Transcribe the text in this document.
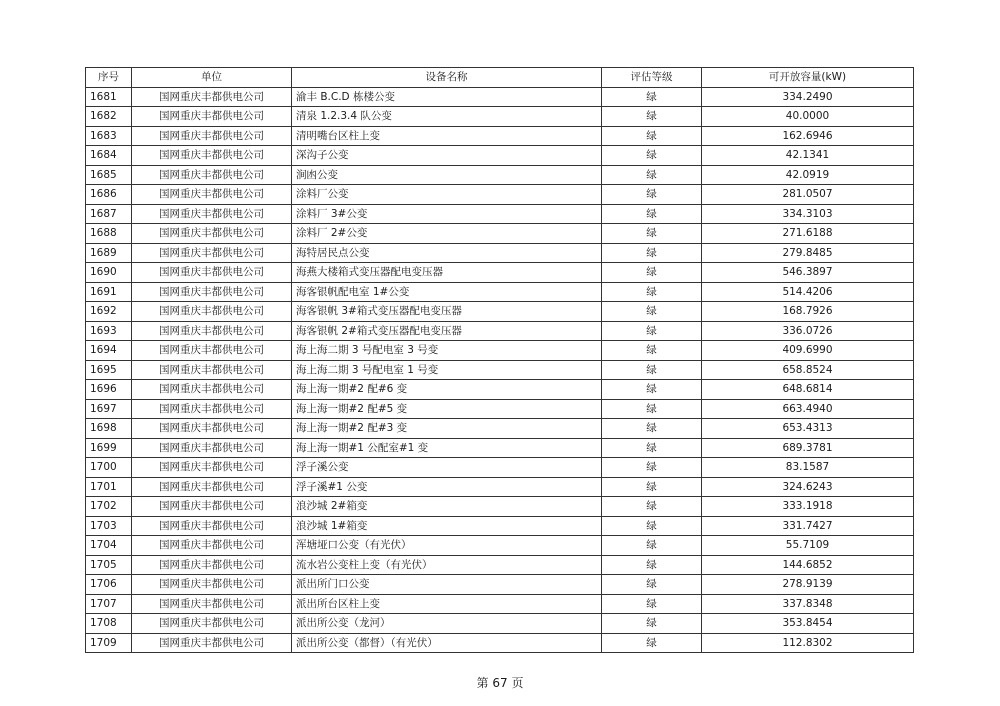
序号	单位	设备名称	评估等级	可开放容量(kW)
1681	国网重庆丰都供电公司	渝丰 B.C.D 栋楼公变	绿	334.2490
1682	国网重庆丰都供电公司	清泉 1.2.3.4 队公变	绿	40.0000
1683	国网重庆丰都供电公司	清明嘴台区柱上变	绿	162.6946
1684	国网重庆丰都供电公司	深沟子公变	绿	42.1341
1685	国网重庆丰都供电公司	涧凼公变	绿	42.0919
1686	国网重庆丰都供电公司	涂料厂公变	绿	281.0507
1687	国网重庆丰都供电公司	涂料厂 3#公变	绿	334.3103
1688	国网重庆丰都供电公司	涂料厂 2#公变	绿	271.6188
1689	国网重庆丰都供电公司	海特居民点公变	绿	279.8485
1690	国网重庆丰都供电公司	海燕大楼箱式变压器配电变压器	绿	546.3897
1691	国网重庆丰都供电公司	海客银帆配电室 1#公变	绿	514.4206
1692	国网重庆丰都供电公司	海客银帆 3#箱式变压器配电变压器	绿	168.7926
1693	国网重庆丰都供电公司	海客银帆 2#箱式变压器配电变压器	绿	336.0726
1694	国网重庆丰都供电公司	海上海二期 3 号配电室 3 号变	绿	409.6990
1695	国网重庆丰都供电公司	海上海二期 3 号配电室 1 号变	绿	658.8524
1696	国网重庆丰都供电公司	海上海一期#2 配#6 变	绿	648.6814
1697	国网重庆丰都供电公司	海上海一期#2 配#5 变	绿	663.4940
1698	国网重庆丰都供电公司	海上海一期#2 配#3 变	绿	653.4313
1699	国网重庆丰都供电公司	海上海一期#1 公配室#1 变	绿	689.3781
1700	国网重庆丰都供电公司	浮子溪公变	绿	83.1587
1701	国网重庆丰都供电公司	浮子溪#1 公变	绿	324.6243
1702	国网重庆丰都供电公司	浪沙城 2#箱变	绿	333.1918
1703	国网重庆丰都供电公司	浪沙城 1#箱变	绿	331.7427
1704	国网重庆丰都供电公司	浑塘垭口公变（有光伏）	绿	55.7109
1705	国网重庆丰都供电公司	流水岩公变柱上变（有光伏）	绿	144.6852
1706	国网重庆丰都供电公司	派出所门口公变	绿	278.9139
1707	国网重庆丰都供电公司	派出所台区柱上变	绿	337.8348
1708	国网重庆丰都供电公司	派出所公变（龙河）	绿	353.8454
1709	国网重庆丰都供电公司	派出所公变（都督）（有光伏）	绿	112.8302
第 67 页
